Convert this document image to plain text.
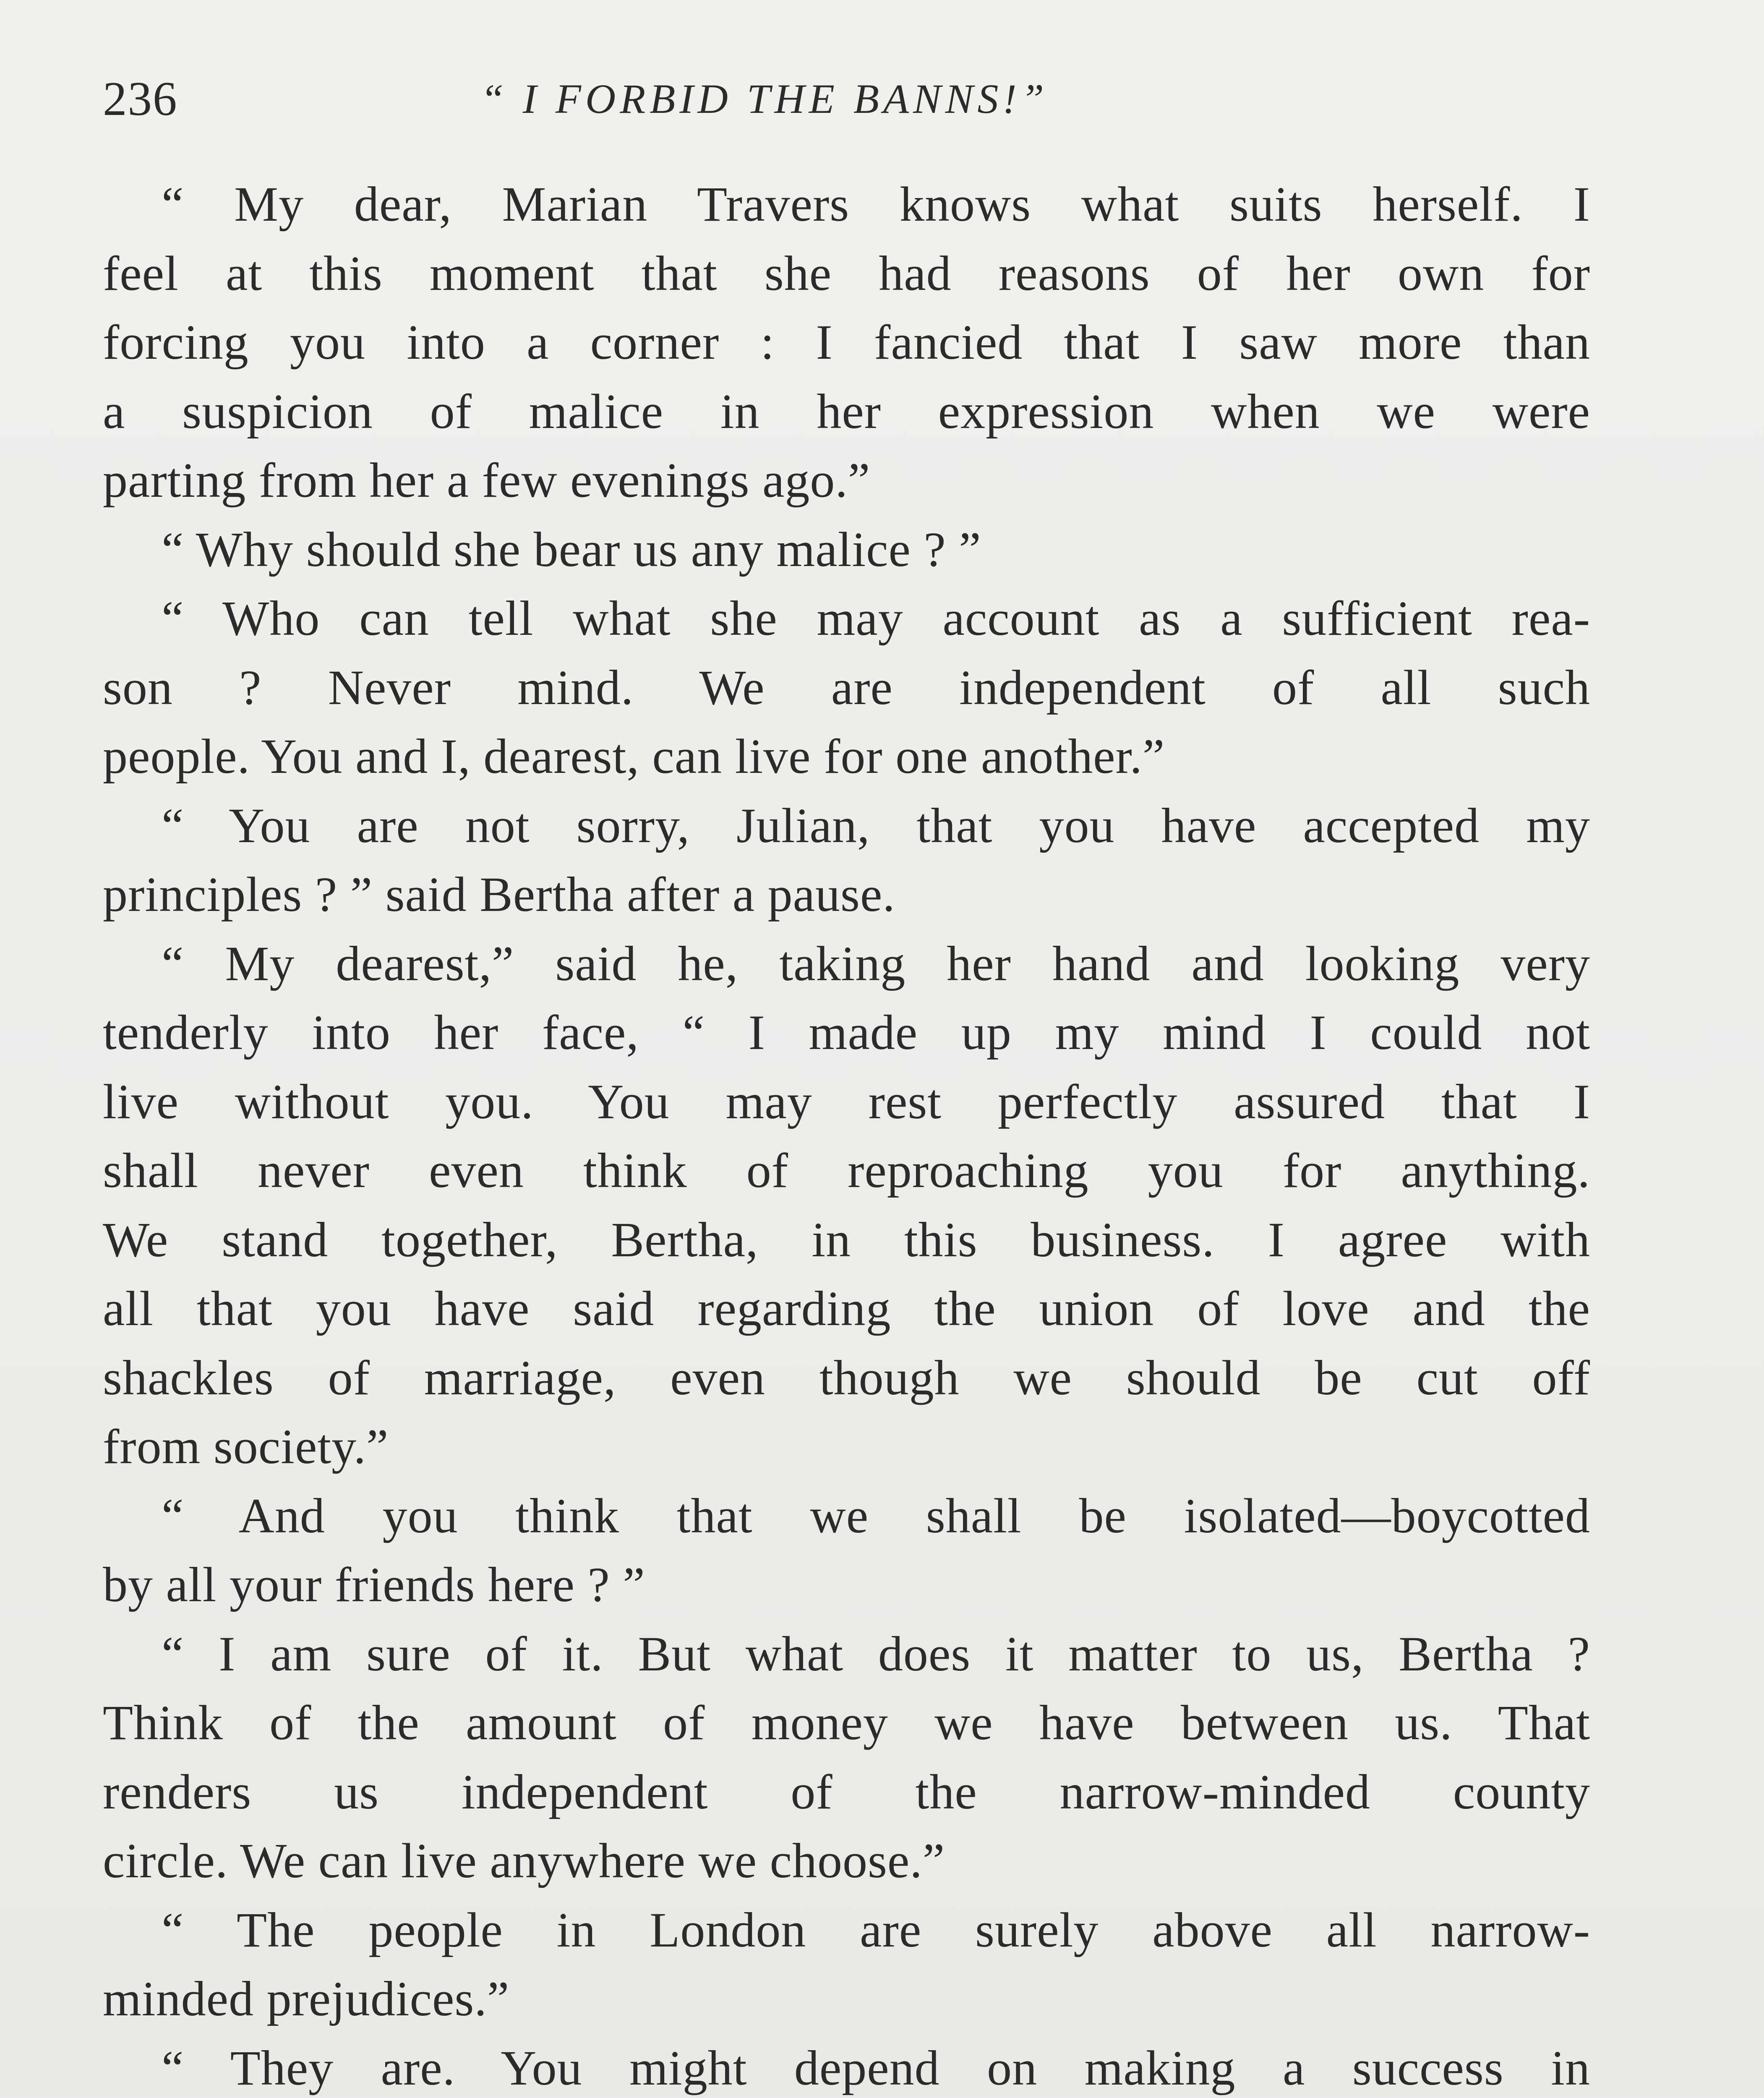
236	“ I FORBID THE BANNS!”
“ My dear, Marian Travers knows what suits herself. I
feel at this moment that she had reasons of her own for
forcing you into a corner : I fancied that I saw more than
a suspicion of malice in her expression when we were
parting from her a few evenings ago.”
“ Why should she bear us any malice ? ”
“ Who can tell what she may account as a sufficient rea-
son ? Never mind. We are independent of all such
people. You and I, dearest, can live for one another.”
“ You are not sorry, Julian, that you have accepted my
principles ? ” said Bertha after a pause.
“ My dearest,” said he, taking her hand and looking very
tenderly into her face, “ I made up my mind I could not
live without you. You may rest perfectly assured that I
shall never even think of reproaching you for anything.
We stand together, Bertha, in this business. I agree with
all that you have said regarding the union of love and the
shackles of marriage, even though we should be cut off
from society.”
“ And you think that we shall be isolated—boycotted
by all your friends here ? ”
“ I am sure of it. But what does it matter to us, Bertha ?
Think of the amount of money we have between us. That
renders us independent of the narrow-minded county
circle. We can live anywhere we choose.”
“ The people in London are surely above all narrow-
minded prejudices.”
“ They are. You might depend on making a success in
